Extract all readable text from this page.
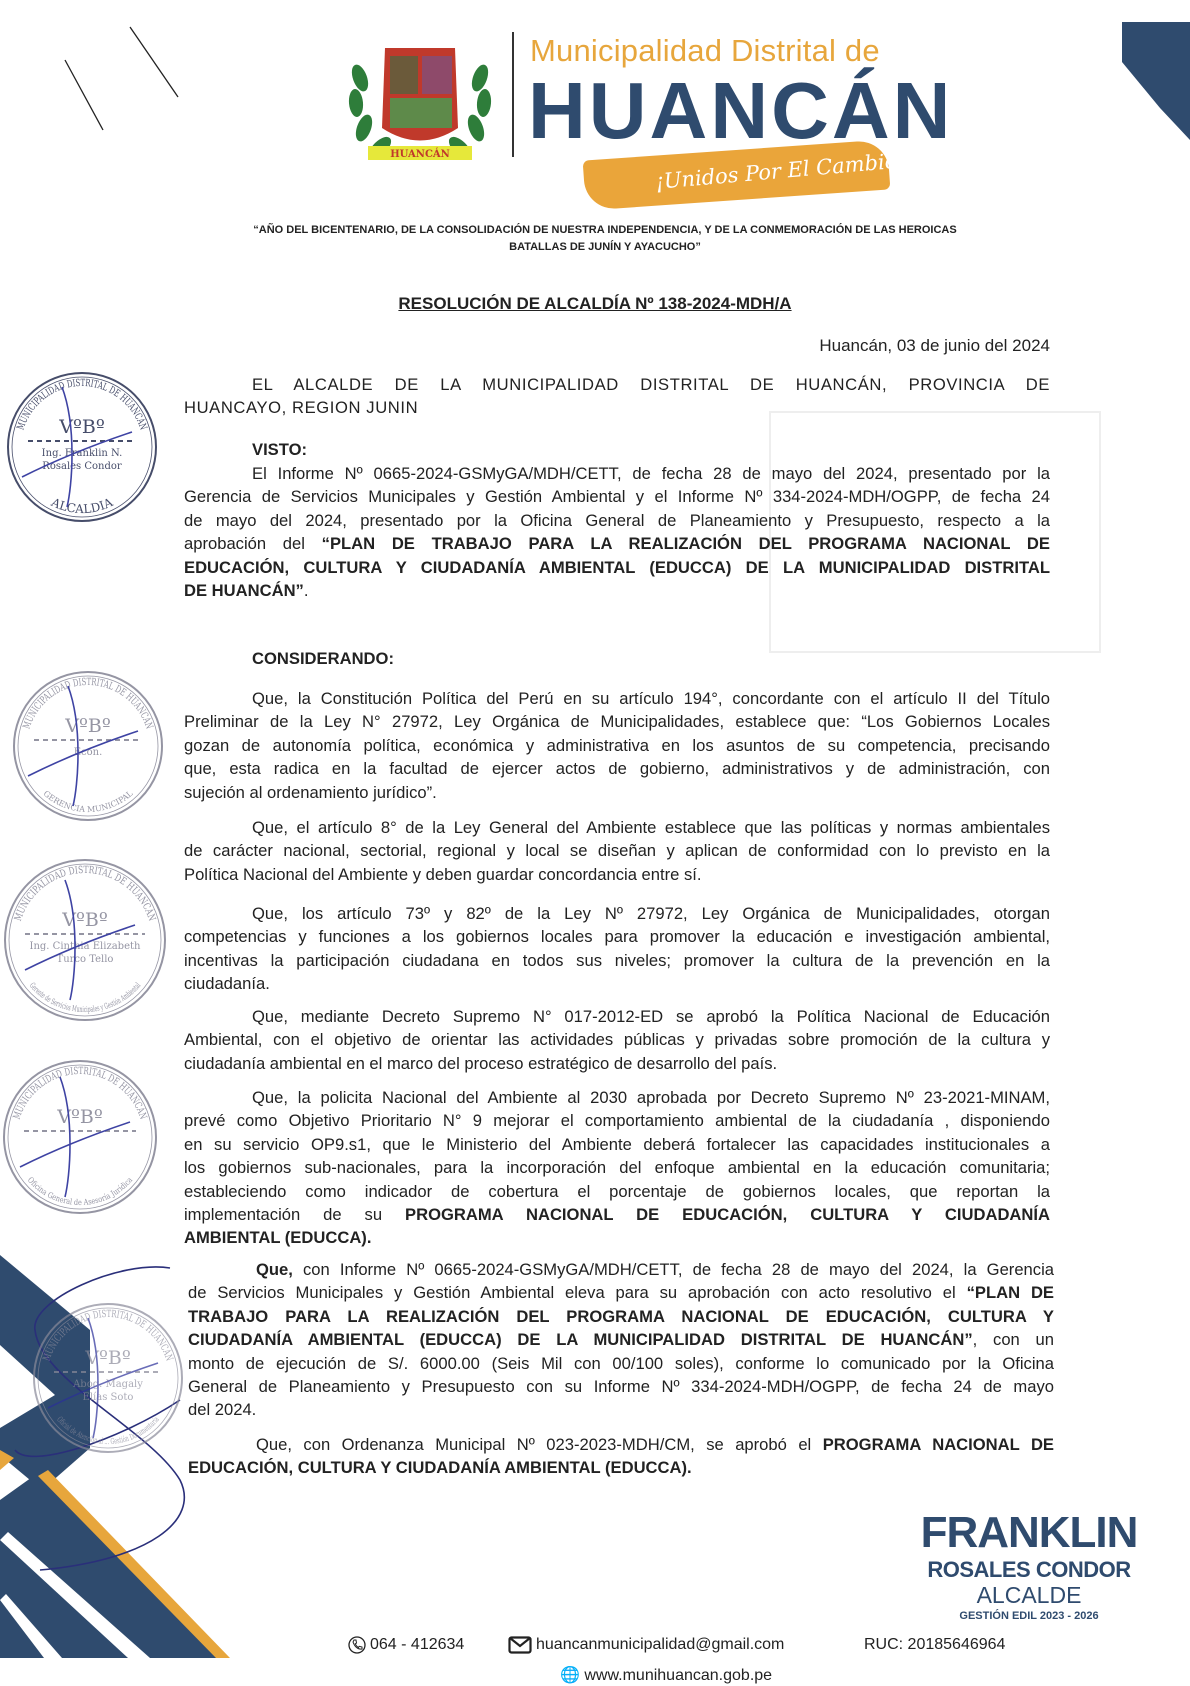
HUANCÁN
Municipalidad Distrital de
HUANCÁN
¡Unidos Por El Cambio!
“AÑO DEL BICENTENARIO, DE LA CONSOLIDACIÓN DE NUESTRA INDEPENDENCIA, Y DE LA CONMEMORACIÓN DE LAS HEROICAS
BATALLAS DE JUNÍN Y AYACUCHO”
RESOLUCIÓN DE ALCALDÍA Nº 138-2024-MDH/A
Huancán, 03 de junio del 2024
EL ALCALDE DE LA MUNICIPALIDAD DISTRITAL DE HUANCÁN, PROVINCIA DE
HUANCAYO, REGION JUNIN
VISTO:
El Informe Nº 0665-2024-GSMyGA/MDH/CETT, de fecha 28 de mayo del 2024, presentado por la
Gerencia de Servicios Municipales y Gestión Ambiental y el Informe Nº 334-2024-MDH/OGPP, de fecha 24
de mayo del 2024, presentado por la Oficina General de Planeamiento y Presupuesto, respecto a la
aprobación del “PLAN DE TRABAJO PARA LA REALIZACIÓN DEL PROGRAMA NACIONAL DE
EDUCACIÓN, CULTURA Y CIUDADANÍA AMBIENTAL (EDUCCA) DE LA MUNICIPALIDAD DISTRITAL
DE HUANCÁN”.
CONSIDERANDO:
Que, la Constitución Política del Perú en su artículo 194°, concordante con el artículo II del Título
Preliminar de la Ley N° 27972, Ley Orgánica de Municipalidades, establece que: “Los Gobiernos Locales
gozan de autonomía política, económica y administrativa en los asuntos de su competencia, precisando
que, esta radica en la facultad de ejercer actos de gobierno, administrativos y de administración, con
sujeción al ordenamiento jurídico”.
Que, el artículo 8° de la Ley General del Ambiente establece que las políticas y normas ambientales
de carácter nacional, sectorial, regional y local se diseñan y aplican de conformidad con lo previsto en la
Política Nacional del Ambiente y deben guardar concordancia entre sí.
Que, los artículo 73º y 82º de la Ley Nº 27972, Ley Orgánica de Municipalidades, otorgan
competencias y funciones a los gobiernos locales para promover la educación e investigación ambiental,
incentivas la participación ciudadana en todos sus niveles; promover la cultura de la prevención en la
ciudadanía.
Que, mediante Decreto Supremo N° 017-2012-ED se aprobó la Política Nacional de Educación
Ambiental, con el objetivo de orientar las actividades públicas y privadas sobre promoción de la cultura y
ciudadanía ambiental en el marco del proceso estratégico de desarrollo del país.
Que, la policita Nacional del Ambiente al 2030 aprobada por Decreto Supremo Nº 23-2021-MINAM,
prevé como Objetivo Prioritario N° 9 mejorar el comportamiento ambiental de la ciudadanía , disponiendo
en su servicio OP9.s1, que le Ministerio del Ambiente deberá fortalecer las capacidades institucionales a
los gobiernos sub-nacionales, para la incorporación del enfoque ambiental en la educación comunitaria;
estableciendo como indicador de cobertura el porcentaje de gobiernos locales, que reportan la
implementación de su PROGRAMA NACIONAL DE EDUCACIÓN, CULTURA Y CIUDADANÍA
AMBIENTAL (EDUCCA).
Que, con Informe Nº 0665-2024-GSMyGA/MDH/CETT, de fecha 28 de mayo del 2024, la Gerencia
de Servicios Municipales y Gestión Ambiental eleva para su aprobación con acto resolutivo el “PLAN DE
TRABAJO PARA LA REALIZACIÓN DEL PROGRAMA NACIONAL DE EDUCACIÓN, CULTURA Y
CIUDADANÍA AMBIENTAL (EDUCCA) DE LA MUNICIPALIDAD DISTRITAL DE HUANCÁN”, con un
monto de ejecución de S/. 6000.00 (Seis Mil con 00/100 soles), conforme lo comunicado por la Oficina
General de Planeamiento y Presupuesto con su Informe Nº 334-2024-MDH/OGPP, de fecha 24 de mayo
del 2024.
Que, con Ordenanza Municipal Nº 023-2023-MDH/CM, se aprobó el PROGRAMA NACIONAL DE
EDUCACIÓN, CULTURA Y CIUDADANÍA AMBIENTAL (EDUCCA).
MUNICIPALIDAD DISTRITAL DE HUANCÁN
VºBº
Ing. Franklin N.
Rosales Condor
ALCALDIA
MUNICIPALIDAD DISTRITAL DE HUANCÁN
VºBº
Econ.
GERENCIA MUNICIPAL
MUNICIPALIDAD DISTRITAL DE HUANCÁN
VºBº
Ing. Cinthia Elizabeth
Turco Tello
Gerente de Servicios Municipales y Gestión Ambiental
MUNICIPALIDAD DISTRITAL DE HUANCÁN
VºBº
Oficina General de Asesoría Jurídica
MUNICIPALIDAD DISTRITAL DE HUANCÁN
VºBº
Abog. Magaly
Elías Soto
Oficial de Atención al ... Gestión Documentaria
FRANKLIN
ROSALES CONDOR
ALCALDE
GESTIÓN EDIL 2023 - 2026
064 - 412634	huancanmunicipalidad@gmail.com	RUC: 20185646964
🌐 www.munihuancan.gob.pe
